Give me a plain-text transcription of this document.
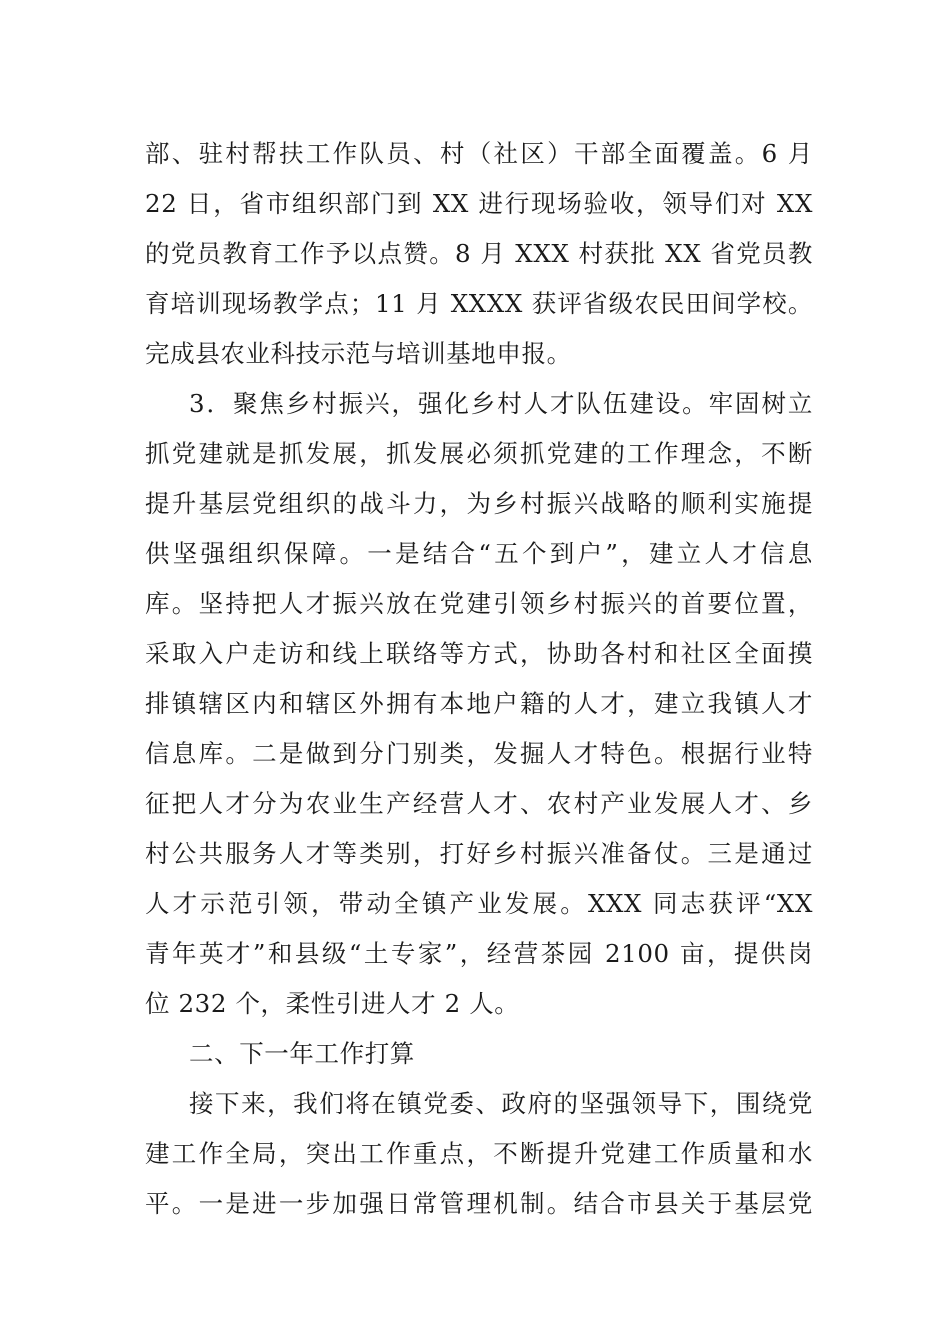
部、驻村帮扶工作队员、村（社区）干部全面覆盖。6 月
22 日，省市组织部门到 XX 进行现场验收，领导们对 XX
的党员教育工作予以点赞。8 月 XXX 村获批 XX 省党员教
育培训现场教学点；11 月 XXXX 获评省级农民田间学校。
完成县农业科技示范与培训基地申报。
3．聚焦乡村振兴，强化乡村人才队伍建设。牢固树立
抓党建就是抓发展，抓发展必须抓党建的工作理念，不断
提升基层党组织的战斗力，为乡村振兴战略的顺利实施提
供坚强组织保障。一是结合“五个到户”，建立人才信息
库。坚持把人才振兴放在党建引领乡村振兴的首要位置，
采取入户走访和线上联络等方式，协助各村和社区全面摸
排镇辖区内和辖区外拥有本地户籍的人才，建立我镇人才
信息库。二是做到分门别类，发掘人才特色。根据行业特
征把人才分为农业生产经营人才、农村产业发展人才、乡
村公共服务人才等类别，打好乡村振兴准备仗。三是通过
人才示范引领，带动全镇产业发展。XXX 同志获评“XX
青年英才”和县级“土专家”，经营茶园 2100 亩，提供岗
位 232 个，柔性引进人才 2 人。
二、下一年工作打算
接下来，我们将在镇党委、政府的坚强领导下，围绕党
建工作全局，突出工作重点，不断提升党建工作质量和水
平。一是进一步加强日常管理机制。结合市县关于基层党
